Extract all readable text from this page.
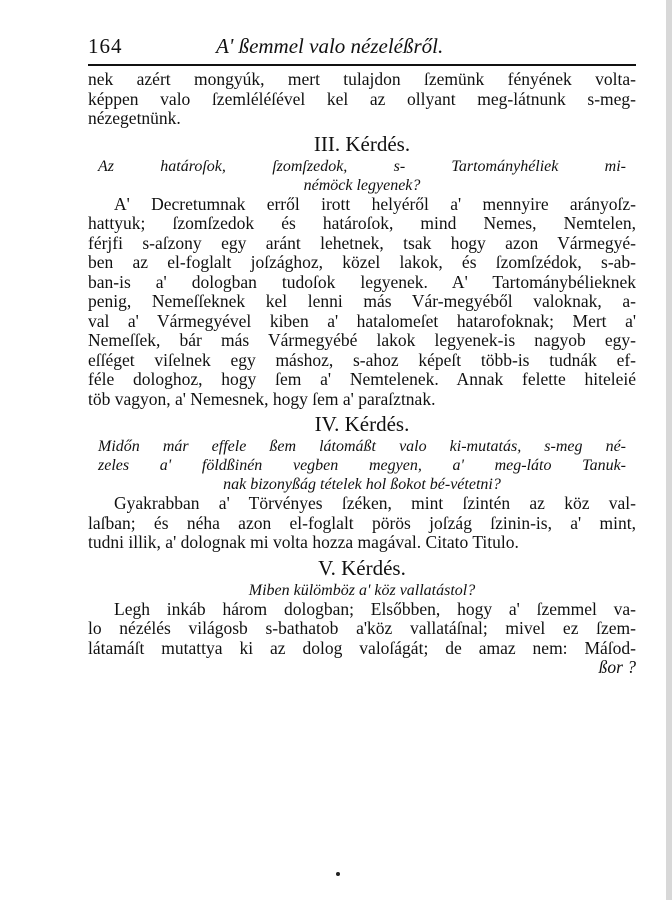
164	A' ßemmel valo nézeléßről.
nek azért mongyúk, mert tulajdon ſzemünk fényének volta-
képpen valo ſzemléléſével kel az ollyant meg-látnunk s-meg-
nézegetnünk.
III. Kérdés.
Az határoſok, ſzomſzedok, s- Tartományhéliek mi-
némöck legyenek?
A' Decretumnak erről irott helyéről a' mennyire arányoſz-
hattyuk; ſzomſzedok és határoſok, mind Nemes, Nemtelen,
férjfi s-aſzony egy aránt lehetnek, tsak hogy azon Vármegyé-
ben az el-foglalt joſzághoz, közel lakok, és ſzomſzédok, s-ab-
ban-is a' dologban tudoſok legyenek. A' Tartománybélieknek
penig, Nemeſſeknek kel lenni más Vár-megyéből valoknak, a-
val a' Vármegyével kiben a' hatalomeſet hatarofoknak; Mert a'
Nemeſſek, bár más Vármegyébé lakok legyenek-is nagyob egy-
eſſéget viſelnek egy máshoz, s-ahoz képeſt több-is tudnák ef-
féle dologhoz, hogy ſem a' Nemtelenek. Annak felette hiteleié
töb vagyon, a' Nemesnek, hogy ſem a' paraſztnak.
IV. Kérdés.
Midőn már effele ßem látomáßt valo ki-mutatás, s-meg né-
zeles a' földßinén vegben megyen, a' meg-láto Tanuk-
nak bizonyßág tételek hol ßokot bé-vétetni?
Gyakrabban a' Törvényes ſzéken, mint ſzintén az köz val-
laſban; és néha azon el-foglalt pörös joſzág ſzinin-is, a' mint,
tudni illik, a' dolognak mi volta hozza magával. Citato Titulo.
V. Kérdés.
Miben külömböz a' köz vallatástol?
Legh inkáb három dologban; Elsőbben, hogy a' ſzemmel va-
lo nézélés világosb s-bathatob a'köz vallatáſnal; mivel ez ſzem-
látamáſt mutattya ki az dolog valoſágát; de amaz nem: Máſod-
ßor ?
